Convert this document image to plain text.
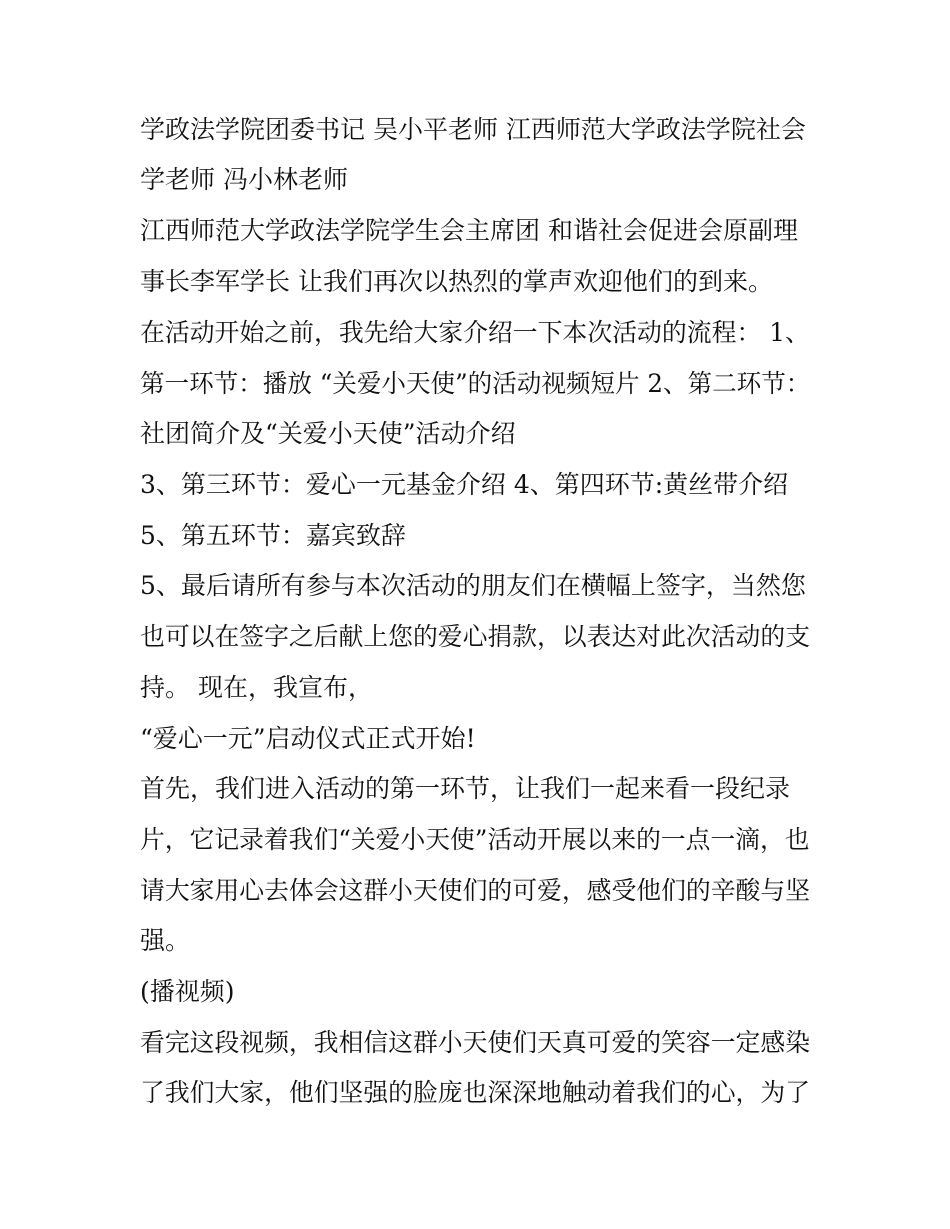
学政法学院团委书记 吴小平老师 江西师范大学政法学院社会

学老师 冯小林老师

江西师范大学政法学院学生会主席团 和谐社会促进会原副理

事长李军学长 让我们再次以热烈的掌声欢迎他们的到来。

在活动开始之前，我先给大家介绍一下本次活动的流程： 1、

第一环节：播放 “关爱小天使”的活动视频短片 2、第二环节：

社团简介及“关爱小天使”活动介绍

3、第三环节：爱心一元基金介绍 4、第四环节:黄丝带介绍

5、第五环节：嘉宾致辞

5、最后请所有参与本次活动的朋友们在横幅上签字，当然您

也可以在签字之后献上您的爱心捐款，以表达对此次活动的支

持。 现在，我宣布，

“爱心一元”启动仪式正式开始!

首先，我们进入活动的第一环节，让我们一起来看一段纪录

片，它记录着我们“关爱小天使”活动开展以来的一点一滴，也

请大家用心去体会这群小天使们的可爱，感受他们的辛酸与坚

强。

(播视频)

看完这段视频，我相信这群小天使们天真可爱的笑容一定感染

了我们大家，他们坚强的脸庞也深深地触动着我们的心，为了
